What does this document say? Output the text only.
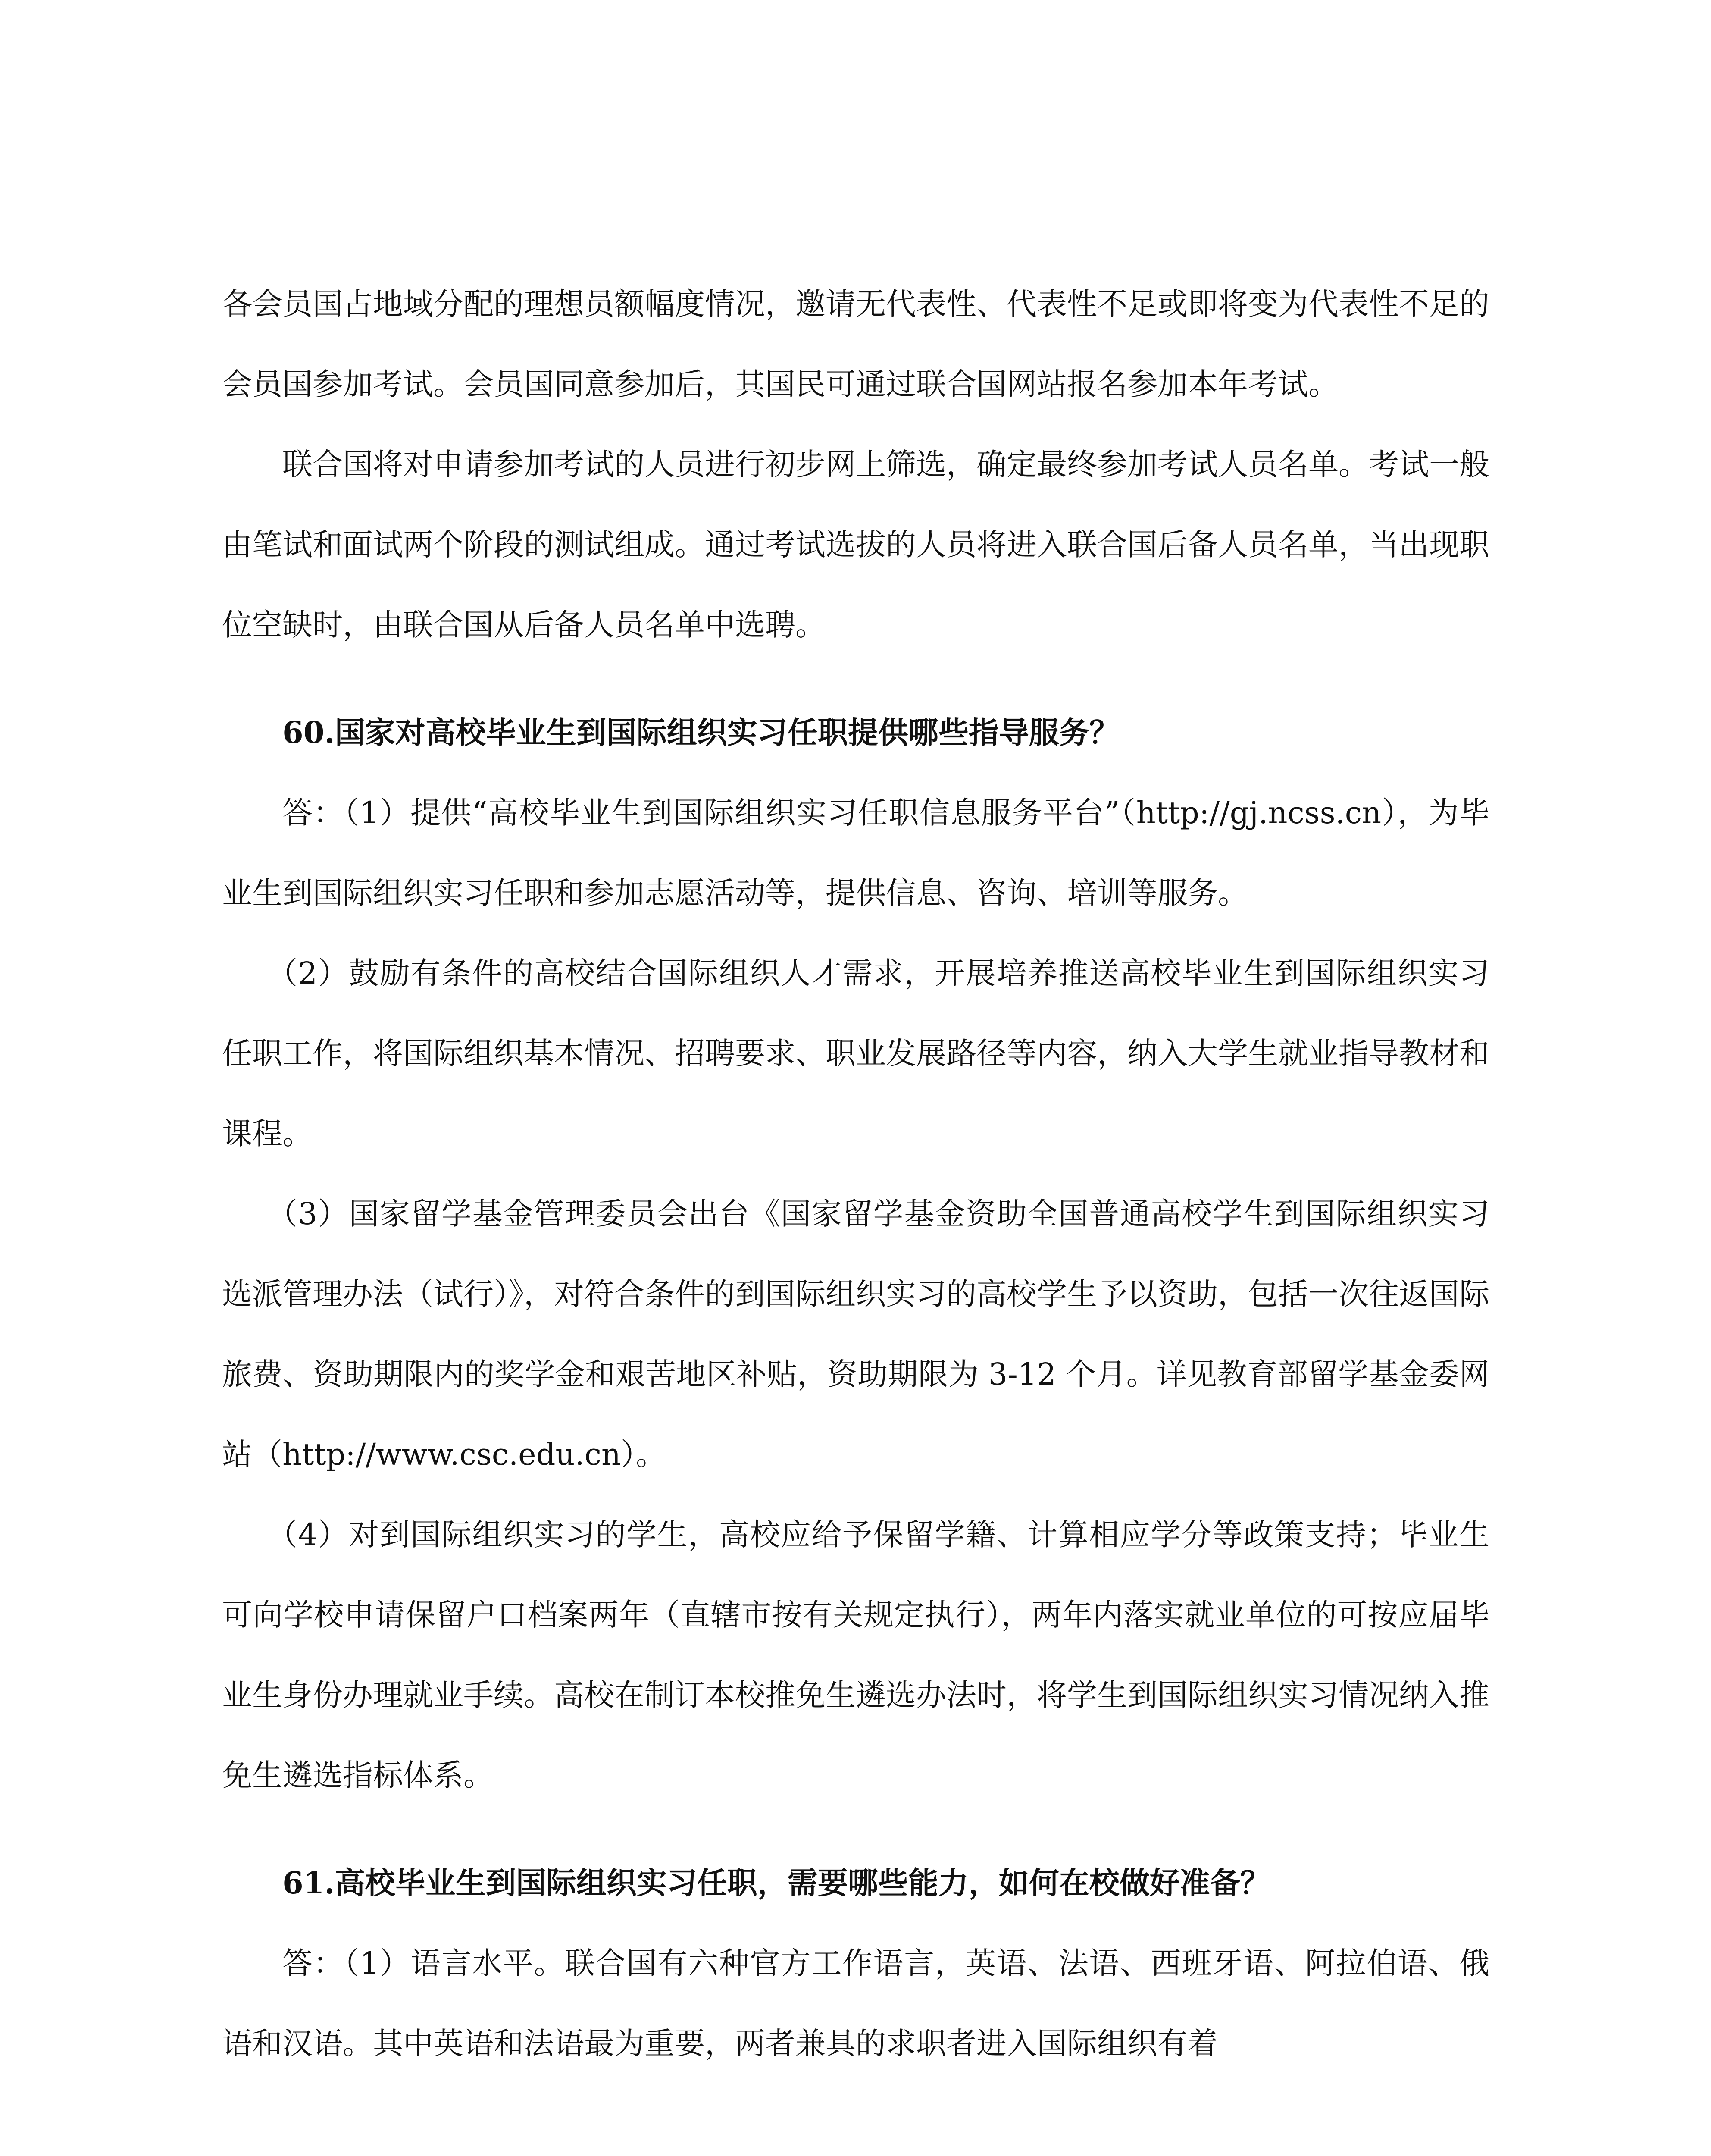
各会员国占地域分配的理想员额幅度情况，邀请无代表性、代表性不足或即将变为代表性不足的会员国参加考试。会员国同意参加后，其国民可通过联合国网站报名参加本年考试。

联合国将对申请参加考试的人员进行初步网上筛选，确定最终参加考试人员名单。考试一般由笔试和面试两个阶段的测试组成。通过考试选拔的人员将进入联合国后备人员名单，当出现职位空缺时，由联合国从后备人员名单中选聘。

60.国家对高校毕业生到国际组织实习任职提供哪些指导服务？

答：（1）提供“高校毕业生到国际组织实习任职信息服务平台”（http://gj.ncss.cn），为毕业生到国际组织实习任职和参加志愿活动等，提供信息、咨询、培训等服务。

（2）鼓励有条件的高校结合国际组织人才需求，开展培养推送高校毕业生到国际组织实习任职工作，将国际组织基本情况、招聘要求、职业发展路径等内容，纳入大学生就业指导教材和课程。

（3）国家留学基金管理委员会出台《国家留学基金资助全国普通高校学生到国际组织实习选派管理办法（试行）》，对符合条件的到国际组织实习的高校学生予以资助，包括一次往返国际旅费、资助期限内的奖学金和艰苦地区补贴，资助期限为 3-12 个月。详见教育部留学基金委网站（http://www.csc.edu.cn）。

（4）对到国际组织实习的学生，高校应给予保留学籍、计算相应学分等政策支持；毕业生可向学校申请保留户口档案两年（直辖市按有关规定执行），两年内落实就业单位的可按应届毕业生身份办理就业手续。高校在制订本校推免生遴选办法时，将学生到国际组织实习情况纳入推免生遴选指标体系。

61.高校毕业生到国际组织实习任职，需要哪些能力，如何在校做好准备？

答：（1）语言水平。联合国有六种官方工作语言，英语、法语、西班牙语、阿拉伯语、俄语和汉语。其中英语和法语最为重要，两者兼具的求职者进入国际组织有着
